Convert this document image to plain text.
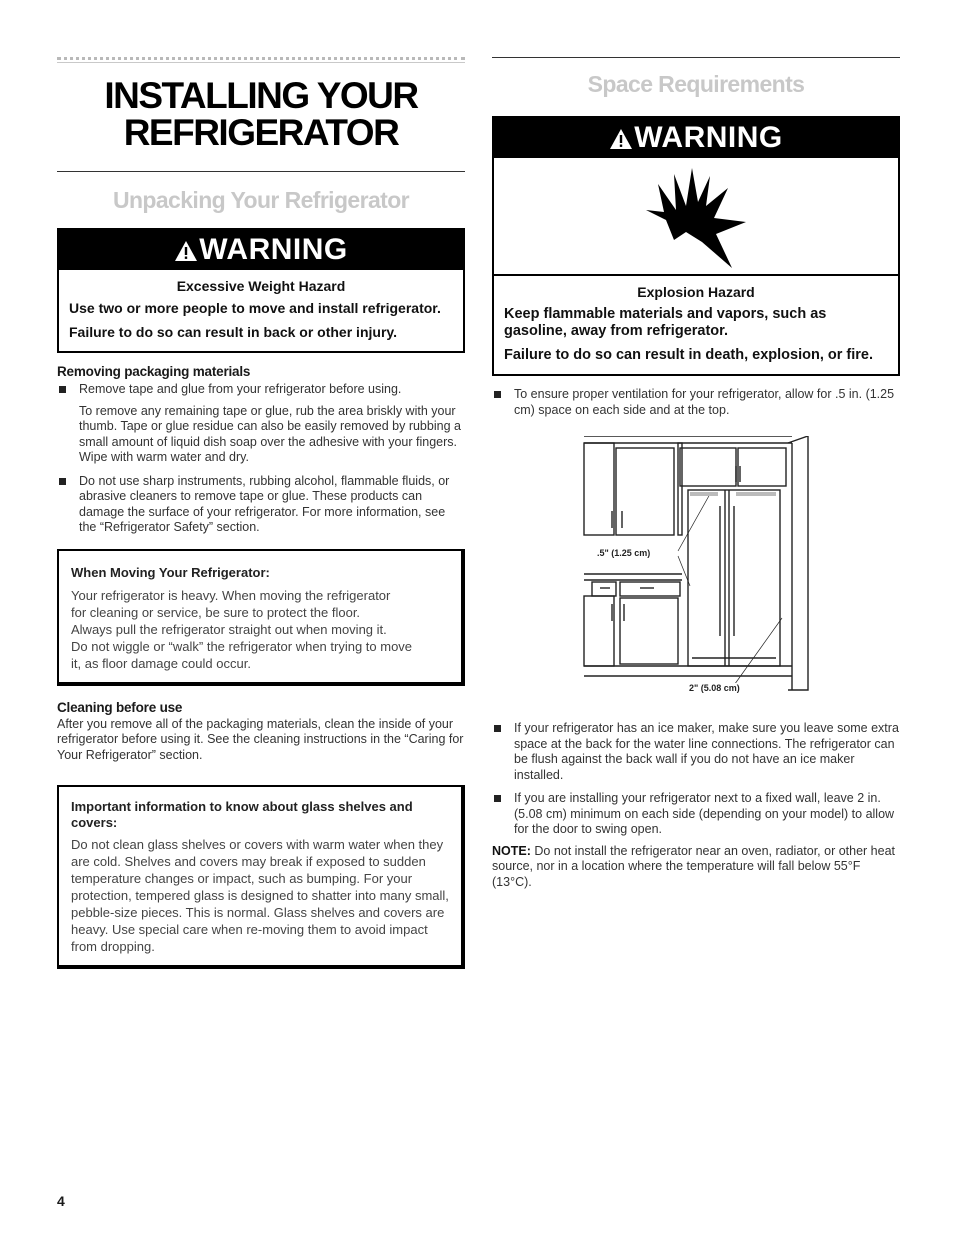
INSTALLING YOUR
REFRIGERATOR
Unpacking Your Refrigerator
WARNING
Excessive Weight Hazard
Use two or more people to move and install refrigerator.
Failure to do so can result in back or other injury.
Removing packaging materials
Remove tape and glue from your refrigerator before using.
To remove any remaining tape or glue, rub the area briskly with your thumb. Tape or glue residue can also be easily removed by rubbing a small amount of liquid dish soap over the adhesive with your fingers. Wipe with warm water and dry.
Do not use sharp instruments, rubbing alcohol, flammable fluids, or abrasive cleaners to remove tape or glue. These products can damage the surface of your refrigerator. For more information, see the “Refrigerator Safety” section.
When Moving Your Refrigerator:
Your refrigerator is heavy. When moving the refrigerator
for cleaning or service, be sure to protect the floor.
Always pull the refrigerator straight out when moving it.
Do not wiggle or “walk” the refrigerator when trying to move
it, as floor damage could occur.
Cleaning before use
After you remove all of the packaging materials, clean the inside of your refrigerator before using it. See the cleaning instructions in the “Caring for Your Refrigerator” section.
Important information to know about glass shelves and covers:
Do not clean glass shelves or covers with warm water when they are cold. Shelves and covers may break if exposed to sudden temperature changes or impact, such as bumping. For your protection, tempered glass is designed to shatter into many small, pebble-size pieces. This is normal. Glass shelves and covers are heavy. Use special care when re-moving them to avoid impact from dropping.
Space Requirements
WARNING
Explosion Hazard
Keep flammable materials and vapors, such as gasoline, away from refrigerator.
Failure to do so can result in death, explosion, or fire.
To ensure proper ventilation for your refrigerator, allow for .5 in. (1.25 cm) space on each side and at the top.
.5" (1.25 cm)
2" (5.08 cm)
If your refrigerator has an ice maker, make sure you leave some extra space at the back for the water line connections. The refrigerator can be flush against the back wall if you do not have an ice maker installed.
If you are installing your refrigerator next to a fixed wall, leave 2 in. (5.08 cm) minimum on each side (depending on your model) to allow for the door to swing open.
NOTE: Do not install the refrigerator near an oven, radiator, or other heat source, nor in a location where the temperature will fall below 55°F (13°C).
4
